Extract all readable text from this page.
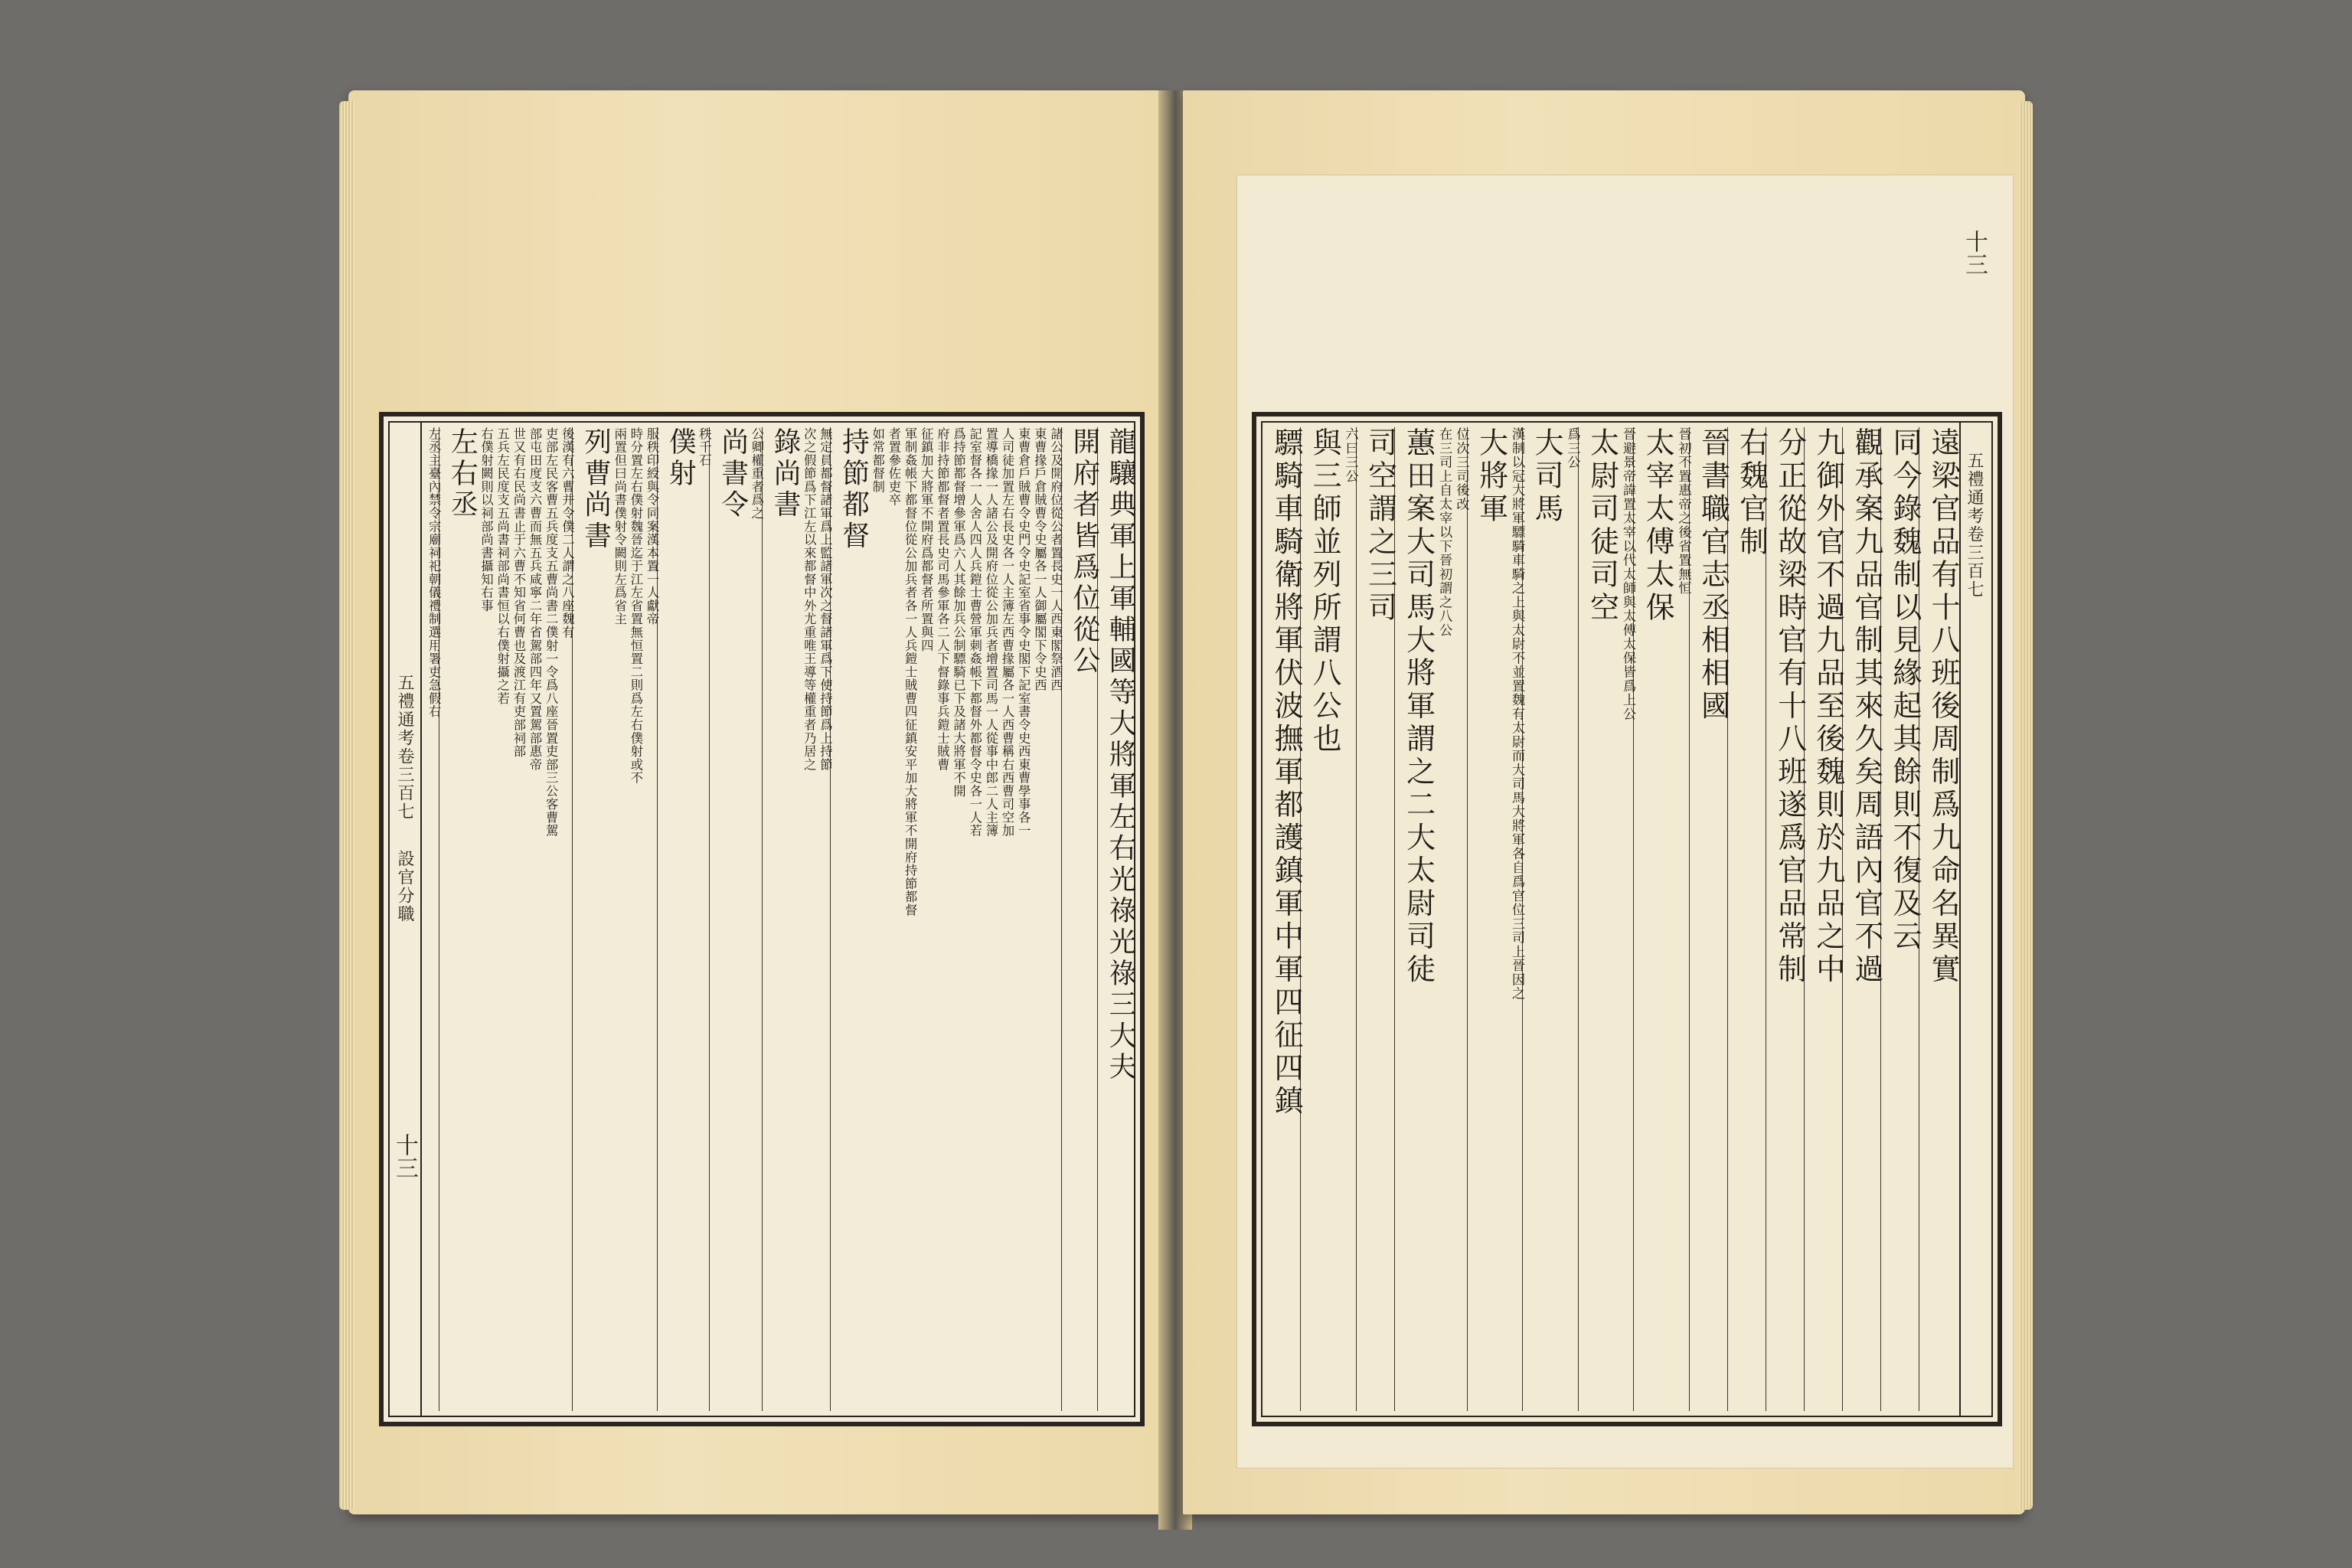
五禮通考卷三百七
設官分職
十三
龍驤典軍上軍輔國等大將軍左右光祿光祿三大夫
開府者皆爲位從公
諸公及開府位從公者置長史一人西東閣祭酒西
東曹掾戶倉賊曹令史屬各一人御屬閣下令史西
東曹倉戶賊曹令史門令史記室省事令史閣下記室書令史西東曹學事各一
人司徒加置左右長史各一人主簿左西曹掾屬各一人西曹稱右西曹司空加
置導橋掾一人諸公及開府位從公加兵者增置司馬一人從事中郎二人主簿
記室督各一人舍人四人兵鎧士曹營軍刺姦帳下都督外都督令史各一人若
爲持節都督增參軍爲六人其餘加兵公制驃騎已下及諸大將軍不開
府非持節都督者置長史司馬參軍各二人下督錄事兵鎧士賊曹
征鎮加大將軍不開府爲都督者所置與四
軍制姦帳下都督位從公加兵者各一人兵鎧士賊曹四征鎮安平加大將軍不開府持節都督
者置參佐吏卒
如常都督制
持節都督
無定員都督諸軍爲上監諸軍次之督諸軍爲下使持節爲上持節
次之假節爲下江左以來都督中外尤重唯王導等權重者乃居之
錄尚書
公卿權重者爲之
尚書令
秩千石
僕射
服秩印綬與令同案漢本置一人獻帝
時分置左右僕射魏晉迄于江左省置無恒置二則爲左右僕射或不
兩置但曰尚書僕射令闕則左爲省主
列曹尚書
後漢有六曹并令僕二人謂之八座魏有
吏部左民客曹五兵度支五曹尚書二僕射一令爲八座晉置吏部三公客曹駕
部屯田度支六曹而無五兵咸寧二年省駕部四年又置駕部惠帝
世又有右民尚書止于六曹不知省何曹也及渡江有吏部祠部
五兵左民度支五尚書祠部尚書恒以右僕射攝之若
右僕射闕則以祠部尚書攝知右事
左右丞
左丞主臺內禁令宗廟祠祀朝儀禮制選用署吏急假右
十三
五禮通考卷三百七
遠梁官品有十八班後周制爲九命名異實
同今錄魏制以見緣起其餘則不復及云
觀承案九品官制其來久矣周語內官不過
九御外官不過九品至後魏則於九品之中
分正從故梁時官有十八班遂爲官品常制
右魏官制
晉書職官志丞相相國
晉初不置惠帝之後省置無恒
太宰太傅太保
晉避景帝諱置太宰以代太師與太傅太保皆爲上公
太尉司徒司空
爲三公
大司馬
漢制以冠大將軍驃騎車騎之上與太尉不並置魏有太尉而大司馬大將軍各自爲官位三司上晉因之
大將軍
位次三司後改
在三司上自太宰以下晉初謂之八公
蕙田案大司馬大將軍謂之二大太尉司徒
司空謂之三司
六曰三公
與三師並列所謂八公也
驃騎車騎衛將軍伏波撫軍都護鎮軍中軍四征四鎮
